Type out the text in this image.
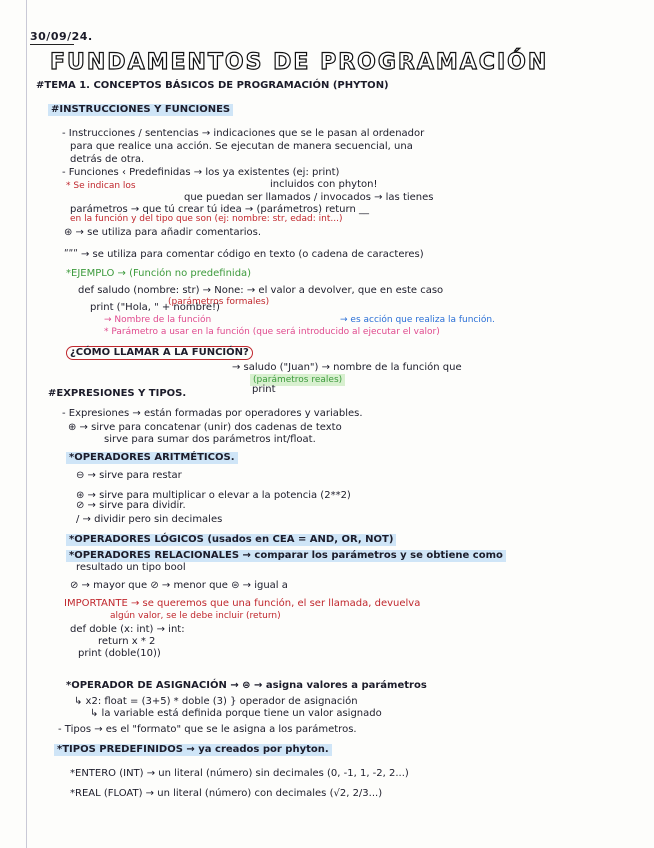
30/09/24.
FUNDAMENTOS DE PROGRAMACIÓN
#TEMA 1. CONCEPTOS BÁSICOS DE PROGRAMACIÓN (PHYTON)
#INSTRUCCIONES Y FUNCIONES
- Instrucciones / sentencias → indicaciones que se le pasan al ordenador
para que realice una acción. Se ejecutan de manera secuencial, una
detrás de otra.
- Funciones ‹ Predefinidas → los ya existentes (ej: print)
incluidos con phyton!
* Se indican los
que puedan ser llamados / invocados → las tienes
parámetros → que tú crear tú idea → (parámetros) return __
en la función y del tipo que son (ej: nombre: str, edad: int...)
⊛ → se utiliza para añadir comentarios.
ʺʺʺ → se utiliza para comentar código en texto (o cadena de caracteres)
*EJEMPLO → (Función no predefinida)
def saludo (nombre: str) → None: → el valor a devolver, que en este caso
(parámetros formales)
print ("Hola, " + nombre!)
→ Nombre de la función	→ es acción que realiza la función.
* Parámetro a usar en la función (que será introducido al ejecutar el valor)
¿CÓMO LLAMAR A LA FUNCIÓN?
→ saludo ("Juan") → nombre de la función que
(parámetros reales)
print
#EXPRESIONES Y TIPOS.
- Expresiones → están formadas por operadores y variables.
⊕ → sirve para concatenar (unir) dos cadenas de texto
sirve para sumar dos parámetros int/float.
*OPERADORES ARITMÉTICOS.
⊖ → sirve para restar
⊛ → sirve para multiplicar o elevar a la potencia (2**2)
⊘ → sirve para dividir.
/ → dividir pero sin decimales
*OPERADORES LÓGICOS (usados en CEA = AND, OR, NOT)
*OPERADORES RELACIONALES → comparar los parámetros y se obtiene como
resultado un tipo bool
⊘ → mayor que ⊘ → menor que ⊜ → igual a
IMPORTANTE → se queremos que una función, el ser llamada, devuelva
algún valor, se le debe incluir (return)
def doble (x: int) → int:
return x * 2
print (doble(10))
*OPERADOR DE ASIGNACIÓN → ⊜ → asigna valores a parámetros
↳ x2: float = (3+5) * doble (3) } operador de asignación
↳ la variable está definida porque tiene un valor asignado
- Tipos → es el "formato" que se le asigna a los parámetros.
*TIPOS PREDEFINIDOS → ya creados por phyton.
*ENTERO (INT) → un literal (número) sin decimales (0, -1, 1, -2, 2...)
*REAL (FLOAT) → un literal (número) con decimales (√2, 2/3...)
